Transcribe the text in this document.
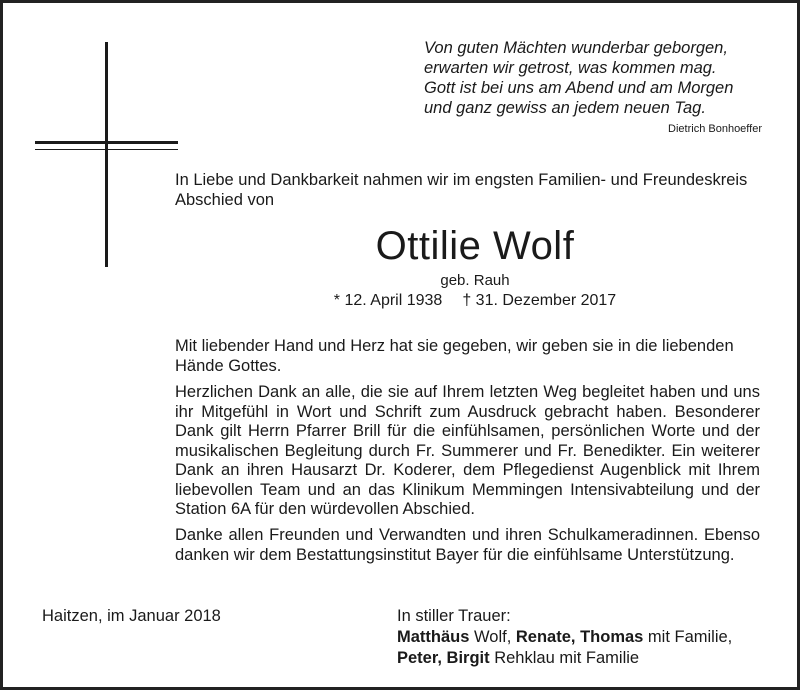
Von guten Mächten wunderbar geborgen,
erwarten wir getrost, was kommen mag.
Gott ist bei uns am Abend und am Morgen
und ganz gewiss an jedem neuen Tag.
Dietrich Bonhoeffer
In Liebe und Dankbarkeit nahmen wir im engsten Familien- und Freundeskreis Abschied von
Ottilie Wolf
geb. Rauh
* 12. April 1938 † 31. Dezember 2017
Mit liebender Hand und Herz hat sie gegeben, wir geben sie in die liebenden Hände Gottes.
Herzlichen Dank an alle, die sie auf Ihrem letzten Weg begleitet haben und uns ihr Mitgefühl in Wort und Schrift zum Ausdruck gebracht haben. Besonderer Dank gilt Herrn Pfarrer Brill für die einfühlsamen, persönlichen Worte und der musikalischen Begleitung durch Fr. Summerer und Fr. Benedikter. Ein weiterer Dank an ihren Hausarzt Dr. Koderer, dem Pflegedienst Augenblick mit Ihrem liebevollen Team und an das Klinikum Memmingen Intensivabteilung und der Station 6A für den würdevollen Abschied.
Danke allen Freunden und Verwandten und ihren Schulkameradinnen. Ebenso danken wir dem Bestattungsinstitut Bayer für die einfühlsame Unterstützung.
Haitzen, im Januar 2018	In stiller Trauer:
Matthäus Wolf, Renate, Thomas mit Familie,
Peter, Birgit Rehklau mit Familie
